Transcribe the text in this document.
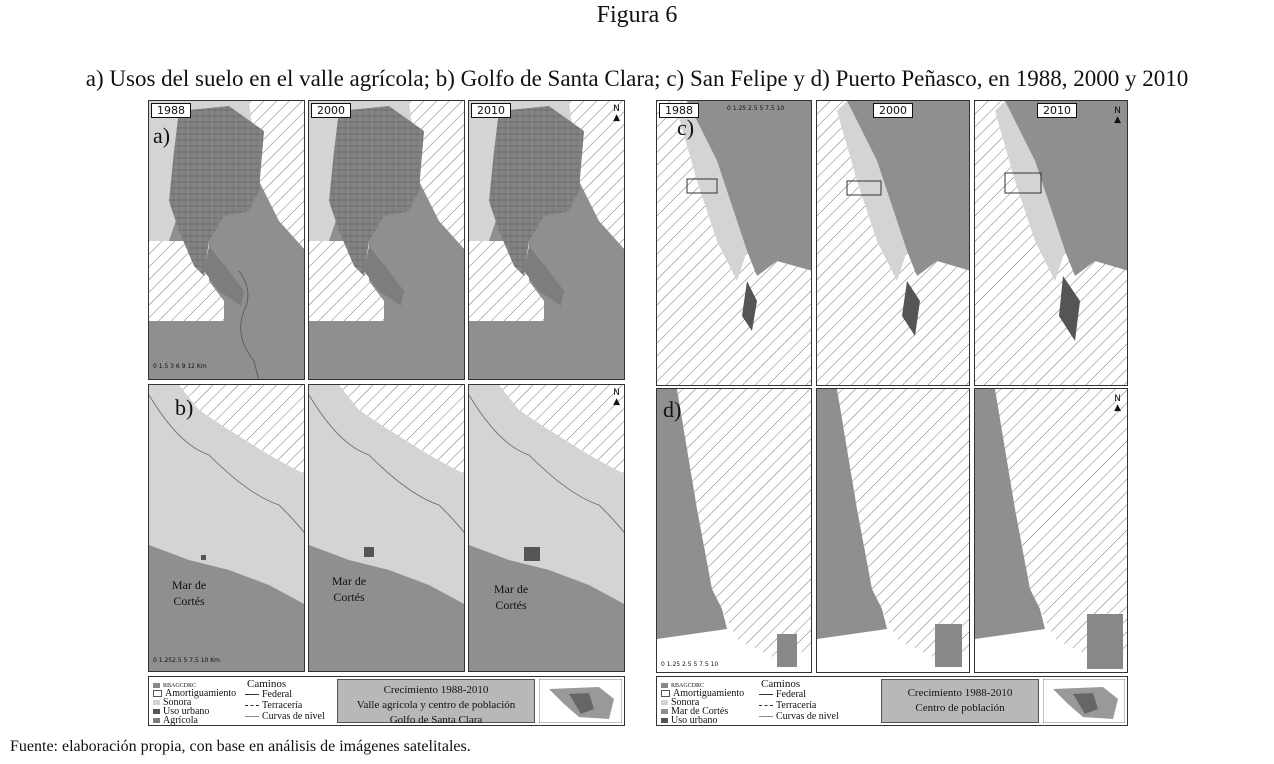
Figura 6
a) Usos del suelo en el valle agrícola; b) Golfo de Santa Clara; c) San Felipe y d) Puerto Peñasco, en 1988, 2000 y 2010
1988
a)
0 1.5 3 6 9 12 Km
2000	2010	N
▲
b)
Mar de
Cortés
0 1.252.5 5 7.5 10 Km
Mar de
Cortés
N
▲
Mar de
Cortés
RBAGCDRC
Amortiguamiento
Sonora
Uso urbano
Agrícola
Caminos
Federal
Terracería
Curvas de nivel
Crecimiento 1988-2010
Valle agrícola y centro de población
Golfo de Santa Clara
1988
c)
0 1.25 2.5 5 7.5 10	2000	2010	N
▲
d)
0 1.25 2.5 5 7.5 10
N
▲
RBAGCDRC
Amortiguamiento
Sonora
Mar de Cortés
Uso urbano
Caminos
Federal
Terracería
Curvas de nivel
Crecimiento 1988-2010
Centro de población
Fuente: elaboración propia, con base en análisis de imágenes satelitales.
